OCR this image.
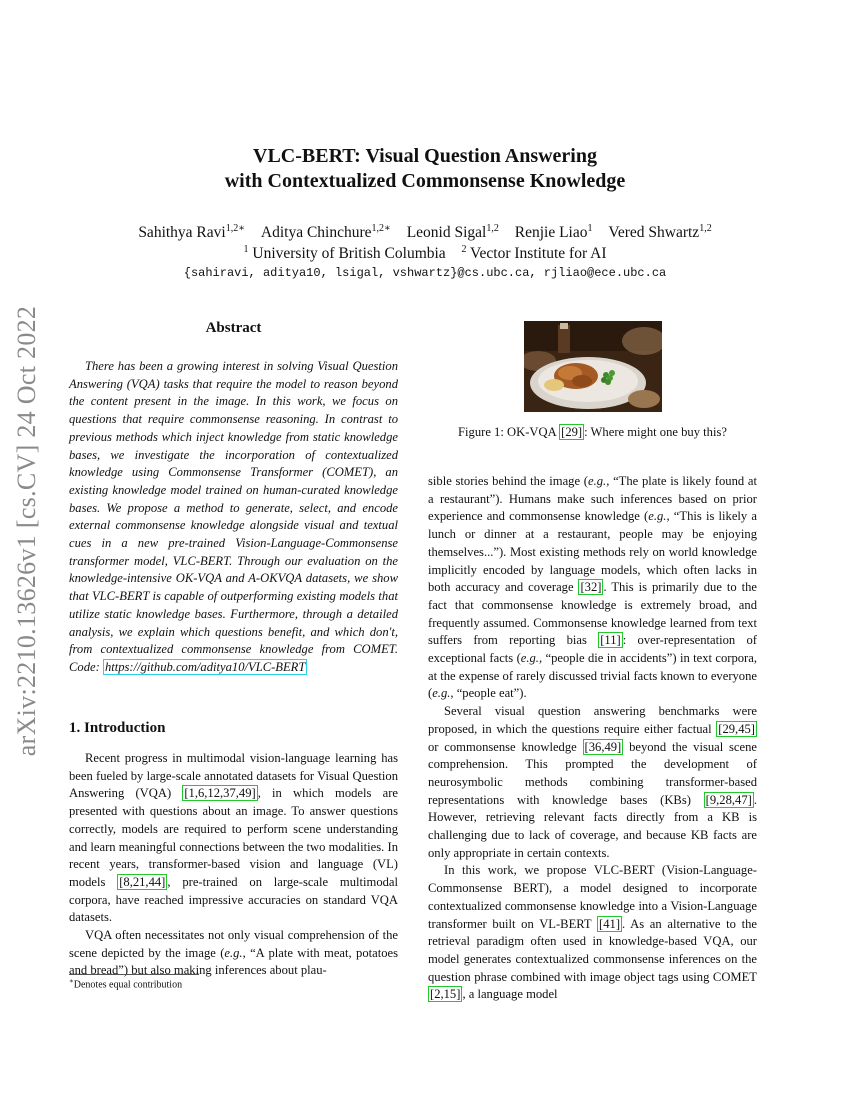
arXiv:2210.13626v1 [cs.CV] 24 Oct 2022
VLC-BERT: Visual Question Answering
with Contextualized Commonsense Knowledge
Sahithya Ravi$^{1,2∗}$ Aditya Chinchure$^{1,2∗}$ Leonid Sigal$^{1,2}$ Renjie Liao$^1$ Vered Shwartz$^{1,2}$
$^1$ University of British Columbia $^2$ Vector Institute for AI
{sahiravi, aditya10, lsigal, vshwartz}@cs.ubc.ca, rjliao@ece.ubc.ca
Abstract
There has been a growing interest in solving Visual Question Answering (VQA) tasks that require the model to reason beyond the content present in the image. In this work, we focus on questions that require commonsense reasoning. In contrast to previous methods which inject knowledge from static knowledge bases, we investigate the incorporation of contextualized knowledge using Commonsense Transformer (COMET), an existing knowledge model trained on human-curated knowledge bases. We propose a method to generate, select, and encode external commonsense knowledge alongside visual and textual cues in a new pre-trained Vision-Language-Commonsense transformer model, VLC-BERT. Through our evaluation on the knowledge-intensive OK-VQA and A-OKVQA datasets, we show that VLC-BERT is capable of outperforming existing models that utilize static knowledge bases. Furthermore, through a detailed analysis, we explain which questions benefit, and which don't, from contextualized commonsense knowledge from COMET. Code: https://github.com/aditya10/VLC-BERT
1. Introduction

Recent progress in multimodal vision-language learning has been fueled by large-scale annotated datasets for Visual Question Answering (VQA) [1,6,12,37,49] , in which models are presented with questions about an image. To answer questions correctly, models are required to perform scene understanding and learn meaningful connections between the two modalities. In recent years, transformer-based vision and language (VL) models [8,21,44] , pre-trained on large-scale multimodal corpora, have reached impressive accuracies on standard VQA datasets.

VQA often necessitates not only visual comprehension of the scene depicted by the image (e.g., “A plate with meat, potatoes and bread”) but also making inferences about plau-

∗Denotes equal contribution
Figure 1: OK-VQA [29] : Where might one buy this?

sible stories behind the image (e.g., “The plate is likely found at a restaurant”). Humans make such inferences based on prior experience and commonsense knowledge (e.g., “This is likely a lunch or dinner at a restaurant, people may be enjoying themselves...”). Most existing methods rely on world knowledge implicitly encoded by language models, which often lacks in both accuracy and coverage [32] . This is primarily due to the fact that commonsense knowledge is extremely broad, and frequently assumed. Commonsense knowledge learned from text suffers from reporting bias [11] : over-representation of exceptional facts (e.g., “people die in accidents”) in text corpora, at the expense of rarely discussed trivial facts known to everyone (e.g., “people eat”).

Several visual question answering benchmarks were proposed, in which the questions require either factual [29,45] or commonsense knowledge [36,49] beyond the visual scene comprehension. This prompted the development of neurosymbolic methods combining transformer-based representations with knowledge bases (KBs) [9,28,47] . However, retrieving relevant facts directly from a KB is challenging due to lack of coverage, and because KB facts are only appropriate in certain contexts.

In this work, we propose VLC-BERT (Vision-Language-Commonsense BERT), a model designed to incorporate contextualized commonsense knowledge into a Vision-Language transformer built on VL-BERT [41] . As an alternative to the retrieval paradigm often used in knowledge-based VQA, our model generates contextualized commonsense inferences on the question phrase combined with image object tags using COMET [2,15] , a language model
